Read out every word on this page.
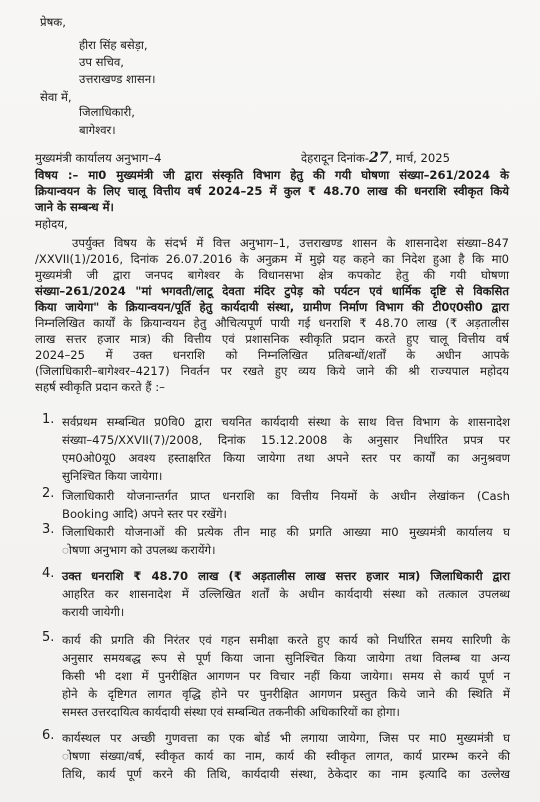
प्रेषक,
हीरा सिंह बसेड़ा,
उप सचिव,
उत्तराखण्ड शासन।
सेवा में,
जिलाधिकारी,
बागेश्वर।
मुख्यमंत्री कार्यालय अनुभाग–4	देहरादून दिनांक-27, मार्च, 2025
विषय :– मा0 मुख्यमंत्री जी द्वारा संस्कृति विभाग हेतु की गयी घोषणा संख्या–261/2024 के
क्रियान्वयन के लिए चालू वित्तीय वर्ष 2024–25 में कुल ₹ 48.70 लाख की धनराशि स्वीकृत किये
जाने के सम्बन्ध में।
महोदय,
उपर्युक्त विषय के संदर्भ में वित्त अनुभाग–1, उत्तराखण्ड शासन के शासनादेश संख्या–847
/XXVII(1)/2016, दिनांक 26.07.2016 के अनुक्रम में मुझे यह कहने का निदेश हुआ है कि मा0
मुख्यमंत्री जी द्वारा जनपद बागेश्वर के विधानसभा क्षेत्र कपकोट हेतु की गयी घोषणा
संख्या–261/2024 "मां भगवती/लाटू देवता मंदिर टुपेड़ को पर्यटन एवं धार्मिक दृष्टि से विकसित
किया जायेगा" के क्रियान्वयन/पूर्ति हेतु कार्यदायी संस्था, ग्रामीण निर्माण विभाग की टी0ए0सी0 द्वारा
निम्नलिखित कार्यों के क्रियान्वयन हेतु औचित्यपूर्ण पायी गई धनराशि ₹ 48.70 लाख (₹ अड़तालीस
लाख सत्तर हजार मात्र) की वित्तीय एवं प्रशासनिक स्वीकृति प्रदान करते हुए चालू वित्तीय वर्ष
2024–25 में उक्त धनराशि को निम्नलिखित प्रतिबन्धों/शर्तों के अधीन आपके
(जिलाधिकारी–बागेश्वर–4217) निवर्तन पर रखते हुए व्यय किये जाने की श्री राज्यपाल महोदय
सहर्ष स्वीकृति प्रदान करते हैं :–
1. सर्वप्रथम सम्बन्धित प्र0वि0 द्वारा चयनित कार्यदायी संस्था के साथ वित्त विभाग के शासनादेश
संख्या–475/XXVII(7)/2008, दिनांक 15.12.2008 के अनुसार निर्धारित प्रपत्र पर
एम0ओ0यू0 अवश्य हस्ताक्षरित किया जायेगा तथा अपने स्तर पर कार्यों का अनुश्रवण
सुनिश्चित किया जायेगा।
2. जिलाधिकारी योजनान्तर्गत प्राप्त धनराशि का वित्तीय नियमों के अधीन लेखांकन (Cash
Booking आदि) अपने स्तर पर रखेंगे।
3. जिलाधिकारी योजनाओं की प्रत्येक तीन माह की प्रगति आख्या मा0 मुख्यमंत्री कार्यालय घ
ोषणा अनुभाग को उपलब्ध करायेंगे।
4. उक्त धनराशि ₹ 48.70 लाख (₹ अड़तालीस लाख सत्तर हजार मात्र) जिलाधिकारी द्वारा
आहरित कर शासनादेश में उल्लिखित शर्तों के अधीन कार्यदायी संस्था को तत्काल उपलब्ध
करायी जायेगी।
5. कार्य की प्रगति की निरंतर एवं गहन समीक्षा करते हुए कार्य को निर्धारित समय सारिणी के
अनुसार समयबद्ध रूप से पूर्ण किया जाना सुनिश्चित किया जायेगा तथा विलम्ब या अन्य
किसी भी दशा में पुनरीक्षित आगणन पर विचार नहीं किया जायेगा। समय से कार्य पूर्ण न
होने के दृष्टिगत लागत वृद्धि होने पर पुनरीक्षित आगणन प्रस्तुत किये जाने की स्थिति में
समस्त उत्तरदायित्व कार्यदायी संस्था एवं सम्बन्धित तकनीकी अधिकारियों का होगा।
6. कार्यस्थल पर अच्छी गुणवत्ता का एक बोर्ड भी लगाया जायेगा, जिस पर मा0 मुख्यमंत्री घ
ोषणा संख्या/वर्ष, स्वीकृत कार्य का नाम, कार्य की स्वीकृत लागत, कार्य प्रारम्भ करने की
तिथि, कार्य पूर्ण करने की तिथि, कार्यदायी संस्था, ठेकेदार का नाम इत्यादि का उल्लेख
